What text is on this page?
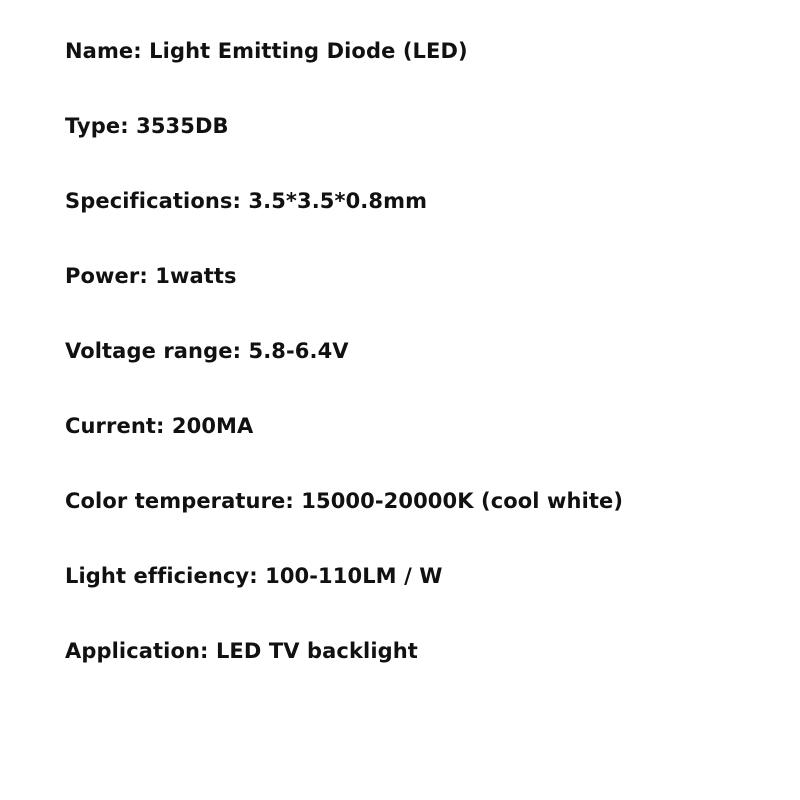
Name: Light Emitting Diode (LED)
Type: 3535DB
Specifications: 3.5*3.5*0.8mm
Power: 1watts
Voltage range: 5.8-6.4V
Current: 200MA
Color temperature: 15000-20000K (cool white)
Light efficiency: 100-110LM / W
Application: LED TV backlight
